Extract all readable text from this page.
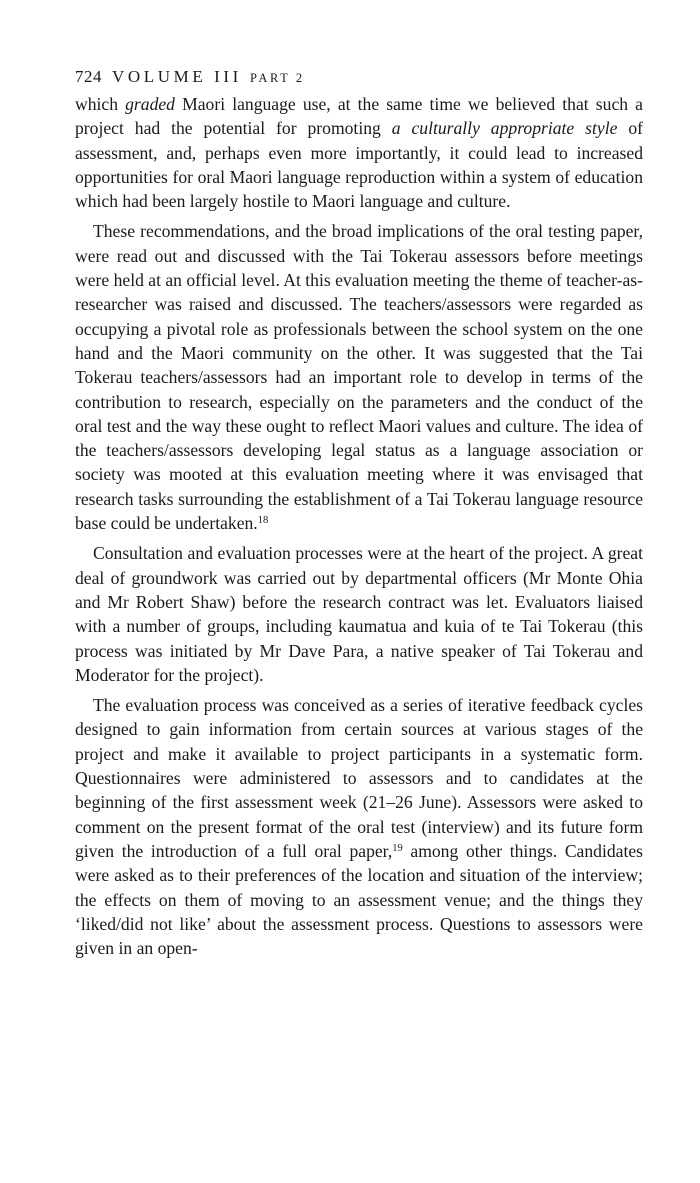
724 VOLUME III PART 2

which graded Maori language use, at the same time we believed that such a project had the potential for promoting a culturally appropriate style of assessment, and, perhaps even more importantly, it could lead to increased opportunities for oral Maori language reproduction within a system of education which had been largely hostile to Maori language and culture.

These recommendations, and the broad implications of the oral testing paper, were read out and discussed with the Tai Tokerau assessors before meetings were held at an official level. At this evaluation meeting the theme of teacher-as-researcher was raised and discussed. The teachers/assessors were regarded as occupying a pivotal role as professionals between the school system on the one hand and the Maori community on the other. It was suggested that the Tai Tokerau teachers/assessors had an important role to develop in terms of the contribution to research, especially on the parameters and the conduct of the oral test and the way these ought to reflect Maori values and culture. The idea of the teachers/assessors developing legal status as a language association or society was mooted at this evaluation meeting where it was envisaged that research tasks surrounding the establishment of a Tai Tokerau language resource base could be undertaken.$^{18}$

Consultation and evaluation processes were at the heart of the project. A great deal of groundwork was carried out by departmental officers (Mr Monte Ohia and Mr Robert Shaw) before the research contract was let. Evaluators liaised with a number of groups, including kaumatua and kuia of te Tai Tokerau (this process was initiated by Mr Dave Para, a native speaker of Tai Tokerau and Moderator for the project).

The evaluation process was conceived as a series of iterative feedback cycles designed to gain information from certain sources at various stages of the project and make it available to project participants in a systematic form. Questionnaires were administered to assessors and to candidates at the beginning of the first assessment week (21–26 June). Assessors were asked to comment on the present format of the oral test (interview) and its future form given the introduction of a full oral paper,$^{19}$ among other things. Candidates were asked as to their preferences of the location and situation of the interview; the effects on them of moving to an assessment venue; and the things they ‘liked/did not like’ about the assessment process. Questions to assessors were given in an open-
